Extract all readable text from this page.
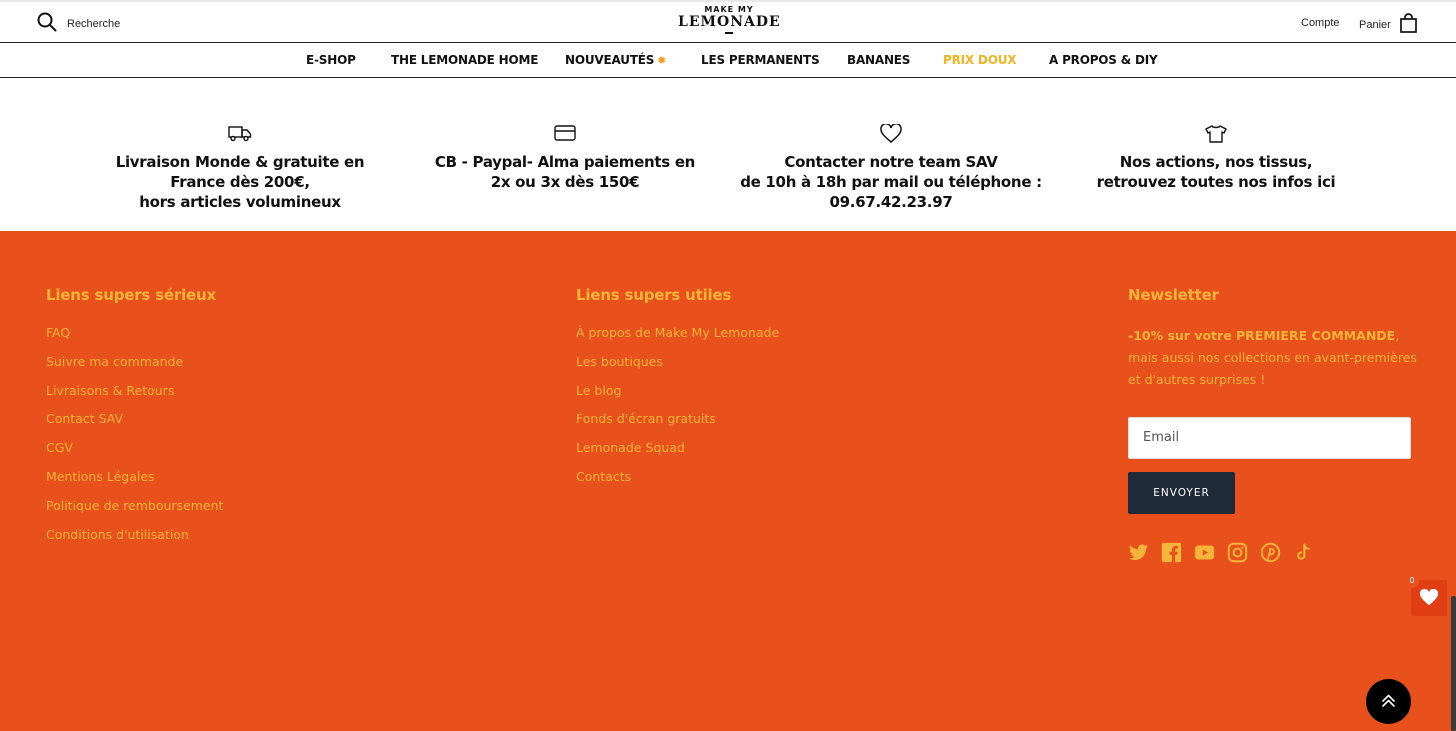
Recherche
MAKE MY
LEMONADE	Compte Panier
E-SHOP	THE LEMONADE HOME NOUVEAUTÉS ✹	LES PERMANENTS BANANES	PRIX DOUX	A PROPOS & DIY
Livraison Monde & gratuite en
France dès 200€,
hors articles volumineux
CB - Paypal- Alma paiements en
2x ou 3x dès 150€
Contacter notre team SAV
de 10h à 18h par mail ou téléphone :
09.67.42.23.97
Nos actions, nos tissus,
retrouvez toutes nos infos ici
Liens supers sérieux
FAQ
Suivre ma commande
Livraisons & Retours
Contact SAV
CGV
Mentions Légales
Politique de remboursement
Conditions d'utilisation
Liens supers utiles
À propos de Make My Lemonade
Les boutiques
Le blog
Fonds d'écran gratuits
Lemonade Squad
Contacts
Newsletter

-10% sur votre PREMIERE COMMANDE, mais aussi nos collections en avant-premières et d'autres surprises !

Email
ENVOYER
0
